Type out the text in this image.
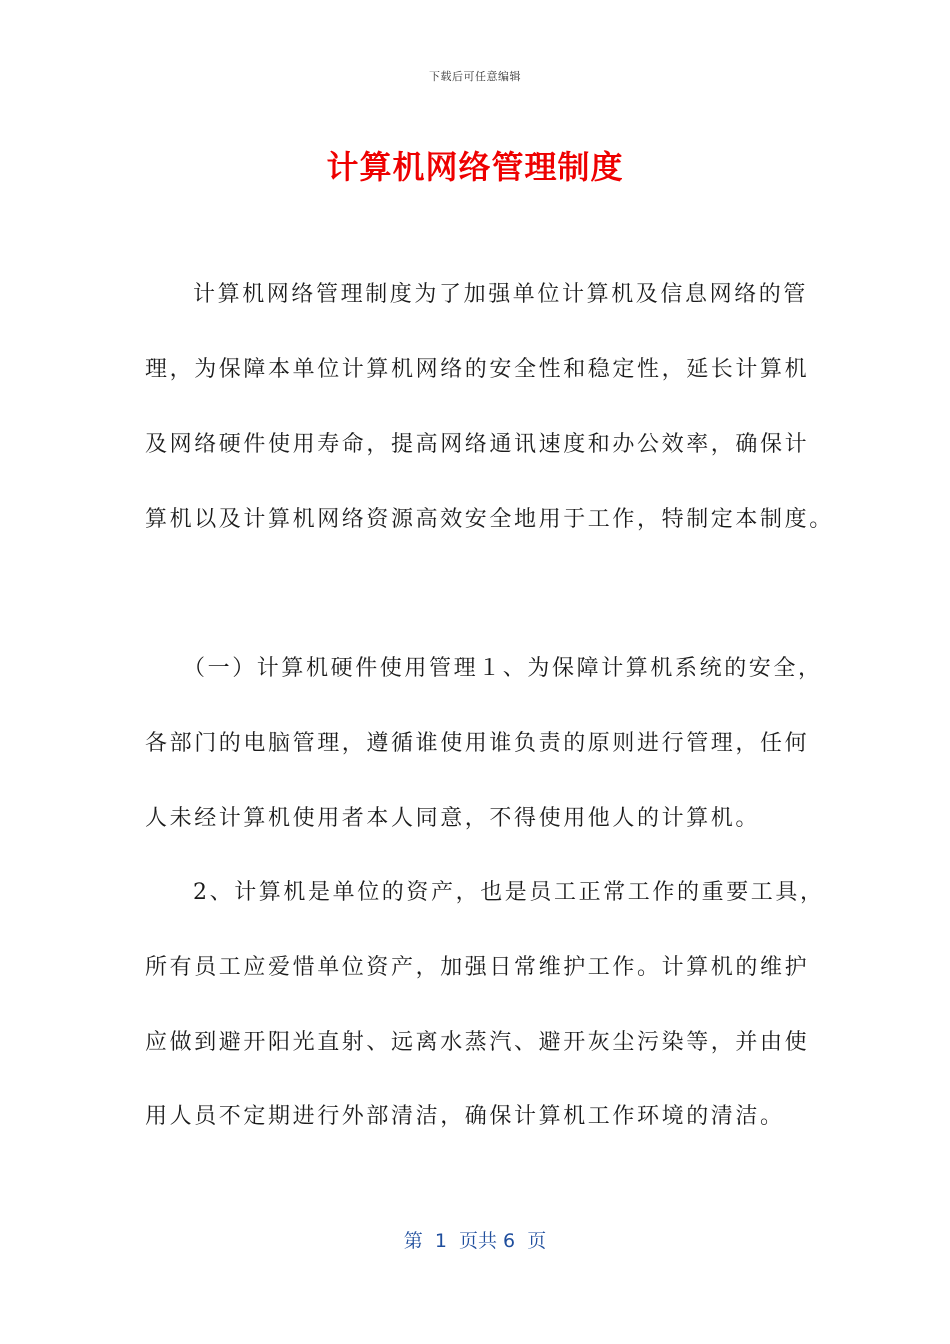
下载后可任意编辑
计算机网络管理制度
计算机网络管理制度为了加强单位计算机及信息网络的管
理，为保障本单位计算机网络的安全性和稳定性，延长计算机
及网络硬件使用寿命，提高网络通讯速度和办公效率，确保计
算机以及计算机网络资源高效安全地用于工作，特制定本制度。
（一）计算机硬件使用管理１、为保障计算机系统的安全，
各部门的电脑管理，遵循谁使用谁负责的原则进行管理，任何
人未经计算机使用者本人同意，不得使用他人的计算机。
2、计算机是单位的资产，也是员工正常工作的重要工具，
所有员工应爱惜单位资产，加强日常维护工作。计算机的维护
应做到避开阳光直射、远离水蒸汽、避开灰尘污染等，并由使
用人员不定期进行外部清洁，确保计算机工作环境的清洁。
第  1  页共 6  页
